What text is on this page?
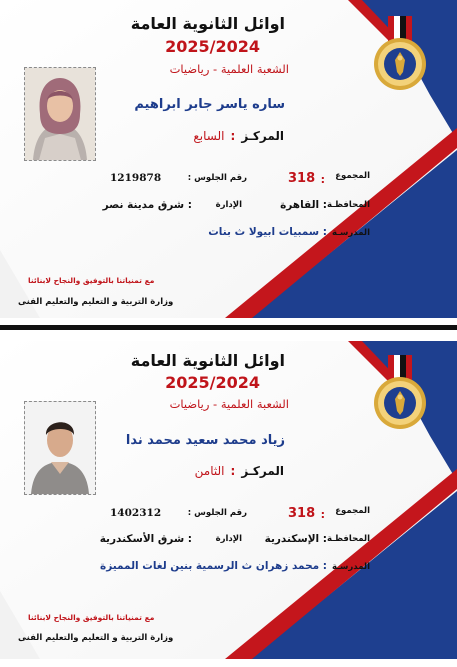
اوائل الثانوية العامة
2025/2024
الشعبة العلمية - رياضيات
ساره ياسر جابر ابراهيم
المركـز:السابع
المجموع
:
318
رقم الجلوس :
1219878
المحافظـة
: القاهرة
الإدارة
: شرق مدينة نصر
المدرسـة
: سمبيات ابيولا ث بنات
مع تمنياتنا بالتوفيق والنجاح لابنائنا
وزارة التربية و التعليم والتعليم الفنى
اوائل الثانوية العامة
2025/2024
الشعبة العلمية - رياضيات
زياد محمد سعيد محمد ندا
المركـز:الثامن
المجموع
:
318
رقم الجلوس :
1402312
المحافظـة
: الإسكندرية
الإدارة
: شرق الأسكندرية
المدرسـة
: محمد زهران ث الرسمية بنين لغات المميزة
مع تمنياتنا بالتوفيق والنجاح لابنائنا
وزارة التربية و التعليم والتعليم الفنى
